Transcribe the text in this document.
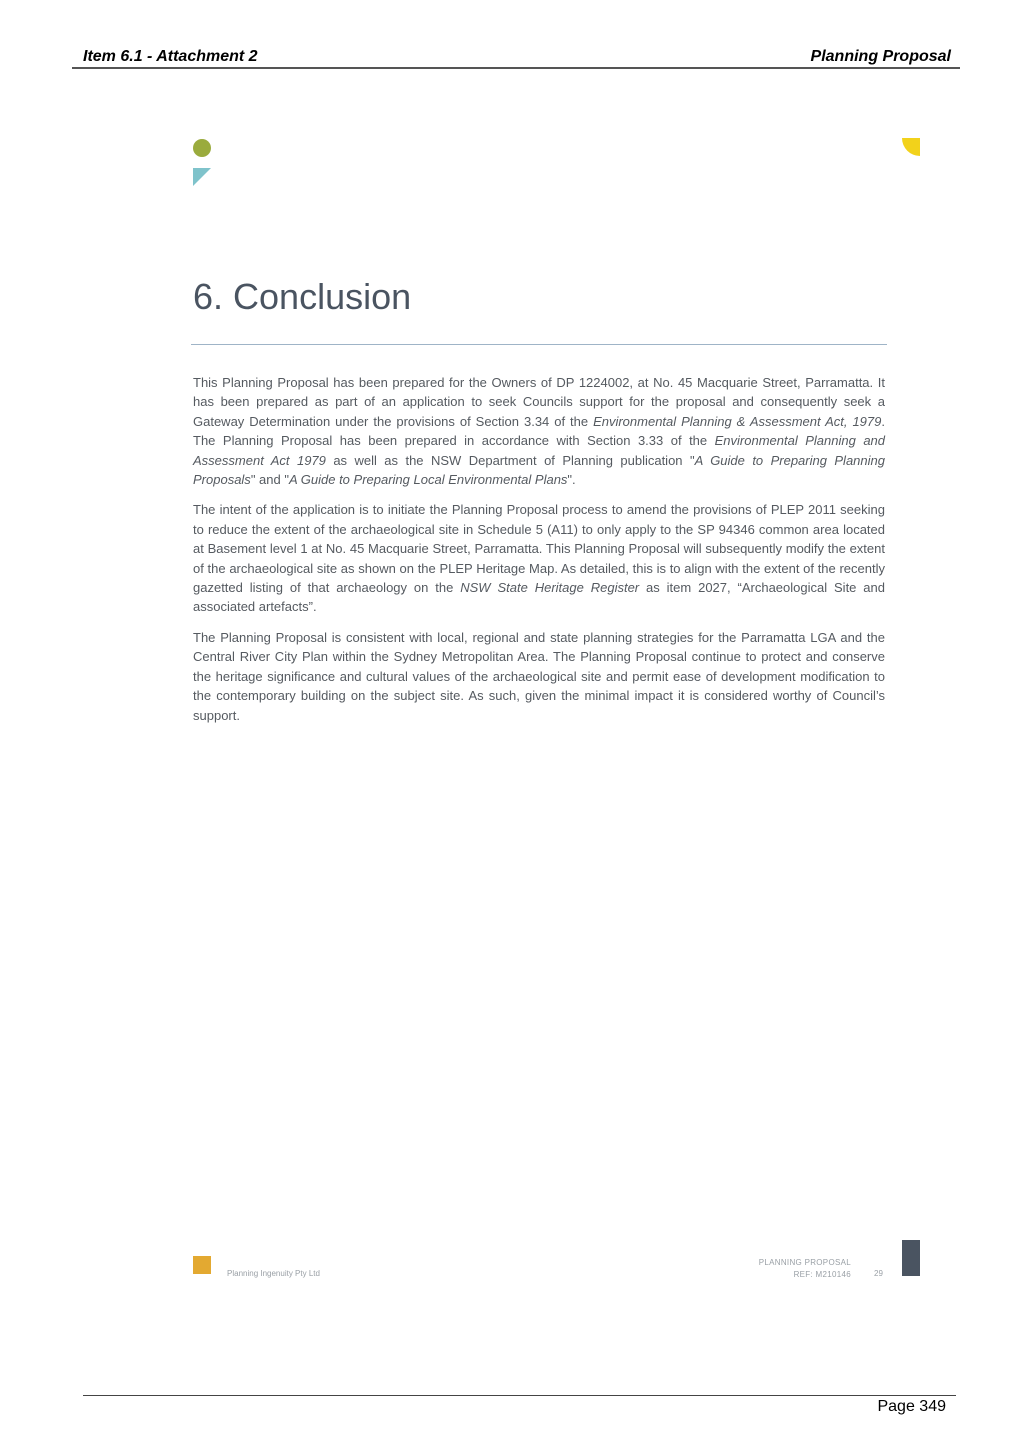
Item 6.1 - Attachment 2	Planning Proposal
6. Conclusion

This Planning Proposal has been prepared for the Owners of DP 1224002, at No. 45 Macquarie Street, Parramatta. It has been prepared as part of an application to seek Councils support for the proposal and consequently seek a Gateway Determination under the provisions of Section 3.34 of the Environmental Planning & Assessment Act, 1979. The Planning Proposal has been prepared in accordance with Section 3.33 of the Environmental Planning and Assessment Act 1979 as well as the NSW Department of Planning publication "A Guide to Preparing Planning Proposals" and "A Guide to Preparing Local Environmental Plans".

The intent of the application is to initiate the Planning Proposal process to amend the provisions of PLEP 2011 seeking to reduce the extent of the archaeological site in Schedule 5 (A11) to only apply to the SP 94346 common area located at Basement level 1 at No. 45 Macquarie Street, Parramatta. This Planning Proposal will subsequently modify the extent of the archaeological site as shown on the PLEP Heritage Map. As detailed, this is to align with the extent of the recently gazetted listing of that archaeology on the NSW State Heritage Register as item 2027, “Archaeological Site and associated artefacts”.

The Planning Proposal is consistent with local, regional and state planning strategies for the Parramatta LGA and the Central River City Plan within the Sydney Metropolitan Area. The Planning Proposal continue to protect and conserve the heritage significance and cultural values of the archaeological site and permit ease of development modification to the contemporary building on the subject site. As such, given the minimal impact it is considered worthy of Council’s support.

Planning Ingenuity Pty Ltd
PLANNING PROPOSAL
REF: M210146	29
Page 349
